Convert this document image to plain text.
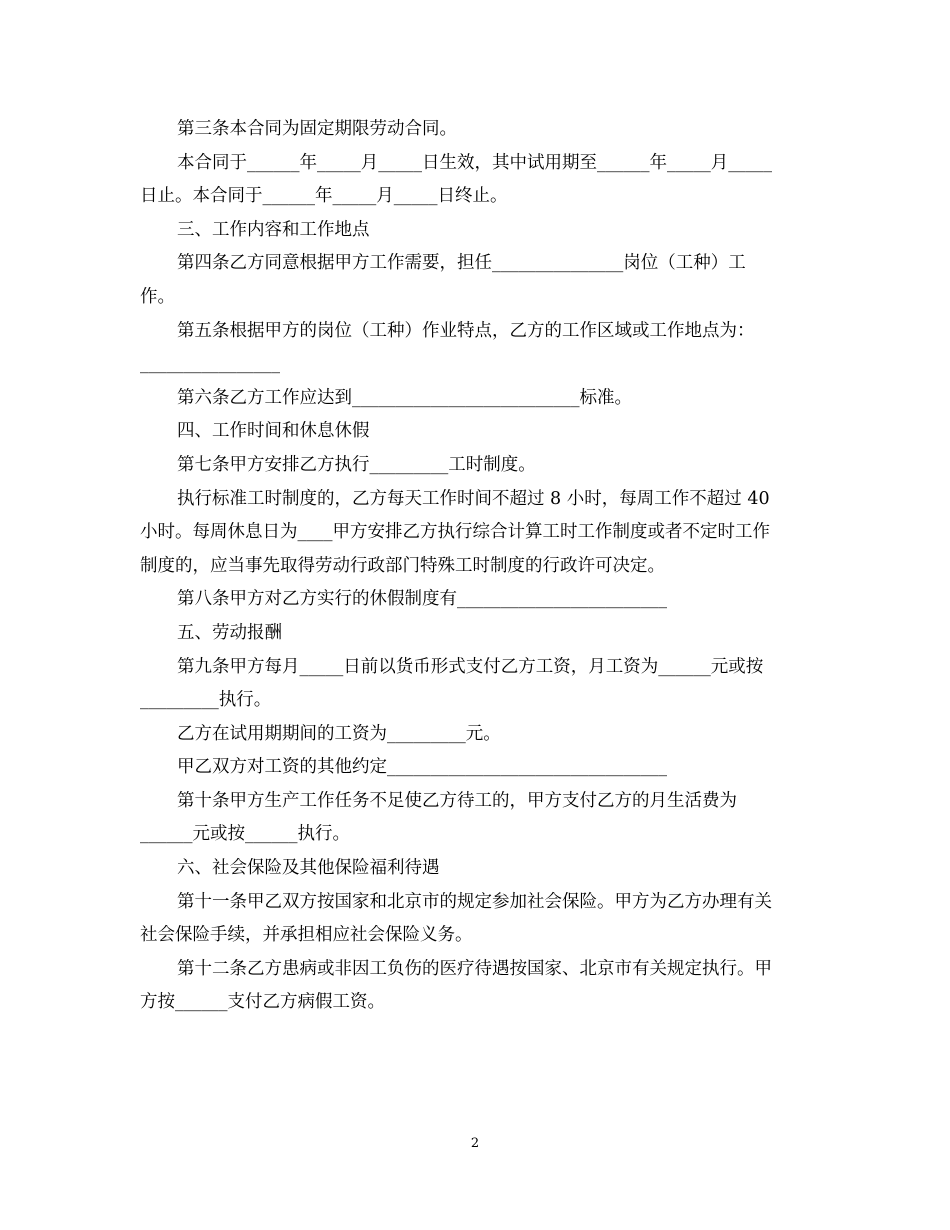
第三条本合同为固定期限劳动合同。

本合同于______年_____月_____日生效，其中试用期至______年_____月_____

日止。本合同于______年_____月_____日终止。

三、工作内容和工作地点

第四条乙方同意根据甲方工作需要，担任_______________岗位（工种）工

作。

第五条根据甲方的岗位（工种）作业特点，乙方的工作区域或工作地点为：

________________

第六条乙方工作应达到__________________________标准。

四、工作时间和休息休假

第七条甲方安排乙方执行_________工时制度。

执行标准工时制度的，乙方每天工作时间不超过 8 小时，每周工作不超过 40

小时。每周休息日为____甲方安排乙方执行综合计算工时工作制度或者不定时工作

制度的，应当事先取得劳动行政部门特殊工时制度的行政许可决定。

第八条甲方对乙方实行的休假制度有________________________

五、劳动报酬

第九条甲方每月_____日前以货币形式支付乙方工资，月工资为______元或按

_________执行。

乙方在试用期期间的工资为_________元。

甲乙双方对工资的其他约定________________________________

第十条甲方生产工作任务不足使乙方待工的，甲方支付乙方的月生活费为

______元或按______执行。

六、社会保险及其他保险福利待遇

第十一条甲乙双方按国家和北京市的规定参加社会保险。甲方为乙方办理有关

社会保险手续，并承担相应社会保险义务。

第十二条乙方患病或非因工负伤的医疗待遇按国家、北京市有关规定执行。甲

方按______支付乙方病假工资。

2
